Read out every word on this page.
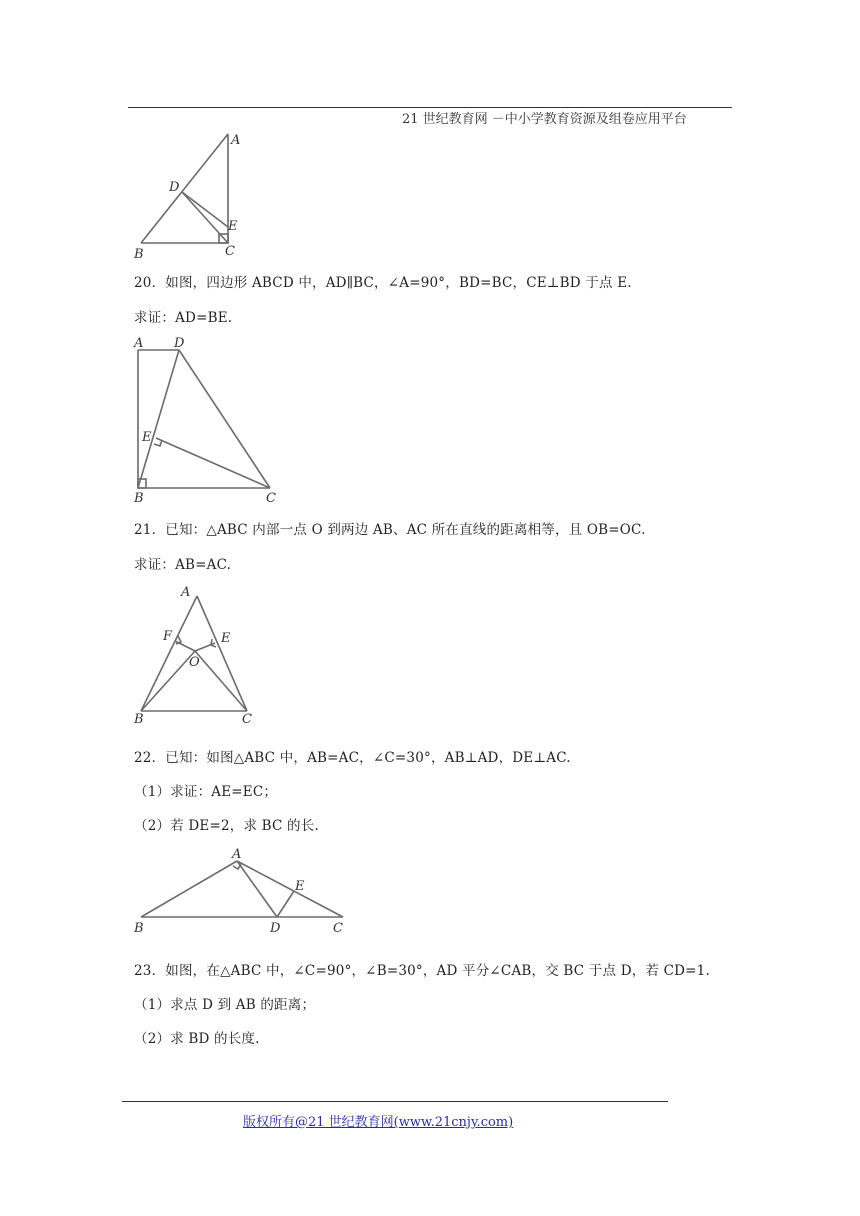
21 世纪教育网 －中小学教育资源及组卷应用平台
A
B	C
D
E
20．如图，四边形 ABCD 中，AD∥BC，∠A=90°，BD=BC，CE⊥BD 于点 E.
求证：AD=BE.
A D
E
B	C
21．已知：△ABC 内部一点 O 到两边 AB、AC 所在直线的距离相等，且 OB=OC.
求证：AB=AC.
A
F	E
O
B	C
22．已知：如图△ABC 中，AB=AC，∠C=30°，AB⊥AD，DE⊥AC.
（1）求证：AE=EC；
（2）若 DE=2，求 BC 的长.
A
E
B	D	C
23．如图，在△ABC 中，∠C=90°，∠B=30°，AD 平分∠CAB，交 BC 于点 D，若 CD=1.
（1）求点 D 到 AB 的距离；
（2）求 BD 的长度.
版权所有@21 世纪教育网(www.21cnjy.com)
